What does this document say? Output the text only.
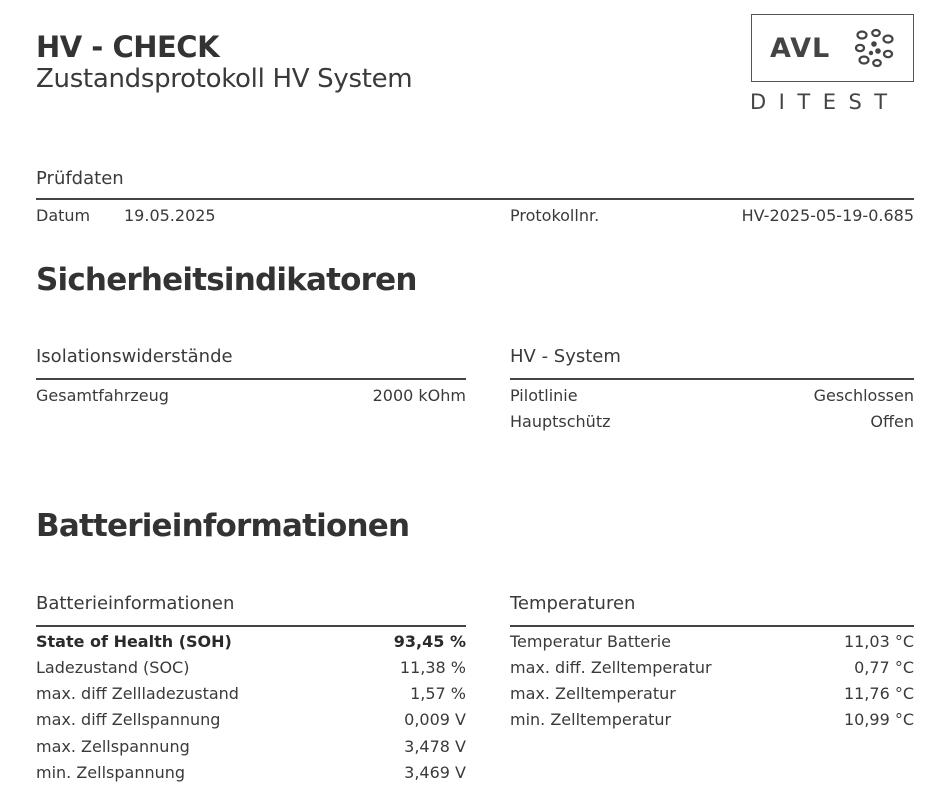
HV - CHECK
Zustandsprotokoll HV System
AVL
DITEST
Prüfdaten
Datum 19.05.2025	Protokollnr.	HV-2025-05-19-0.685
Sicherheitsindikatoren
Isolationswiderstände
Gesamtfahrzeug	2000 kOhm
HV - System
Pilotlinie	Geschlossen
Hauptschütz	Offen
Batterieinformationen
Batterieinformationen
State of Health (SOH)	93,45 %
Ladezustand (SOC)	11,38 %
max. diff Zellladezustand	1,57 %
max. diff Zellspannung	0,009 V
max. Zellspannung	3,478 V
min. Zellspannung	3,469 V
Temperaturen
Temperatur Batterie	11,03 °C
max. diff. Zelltemperatur	0,77 °C
max. Zelltemperatur	11,76 °C
min. Zelltemperatur	10,99 °C
